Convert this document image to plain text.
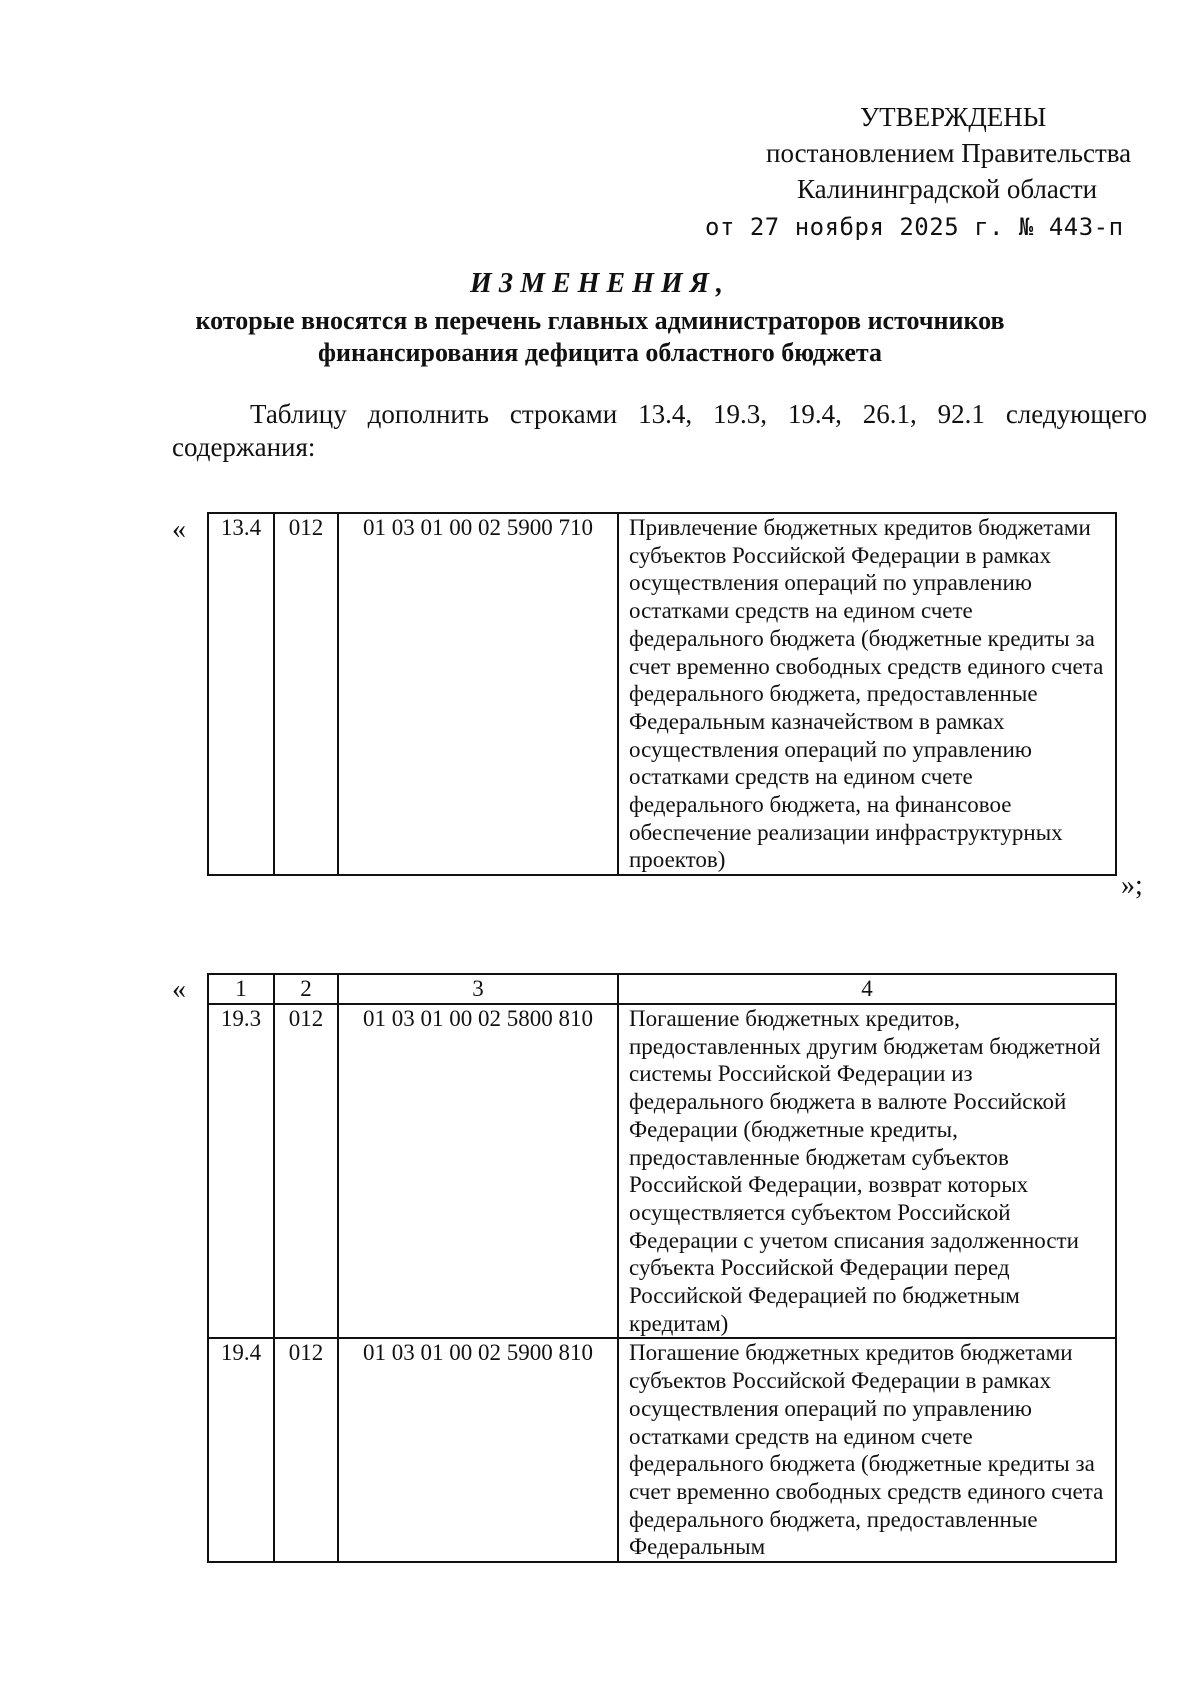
УТВЕРЖДЕНЫ
постановлением Правительства
Калининградской области
от 27 ноября 2025 г. № 443-п
ИЗМЕНЕНИЯ,
которые вносятся в перечень главных администраторов источников
финансирования дефицита областного бюджета
Таблицу дополнить строками 13.4, 19.3, 19.4, 26.1, 92.1 следующего содержания:
« 13.4	012	01 03 01 00 02 5900 710	Привлечение бюджетных кредитов бюджетами субъектов Российской Федерации в рамках осуществления операций по управлению остатками средств на едином счете федерального бюджета (бюджетные кредиты за счет временно свободных средств единого счета федерального бюджета, предоставленные Федеральным казначейством в рамках осуществления операций по управлению остатками средств на едином счете федерального бюджета, на финансовое обеспечение реализации инфраструктурных проектов)
»;
« 1	2	3	4
19.3	012	01 03 01 00 02 5800 810	Погашение бюджетных кредитов, предоставленных другим бюджетам бюджетной системы Российской Федерации из федерального бюджета в валюте Российской Федерации (бюджетные кредиты, предоставленные бюджетам субъектов Российской Федерации, возврат которых осуществляется субъектом Российской Федерации с учетом списания задолженности субъекта Российской Федерации перед Российской Федерацией по бюджетным кредитам)
19.4	012	01 03 01 00 02 5900 810	Погашение бюджетных кредитов бюджетами субъектов Российской Федерации в рамках осуществления операций по управлению остатками средств на едином счете федерального бюджета (бюджетные кредиты за счет временно свободных средств единого счета федерального бюджета, предоставленные Федеральным
